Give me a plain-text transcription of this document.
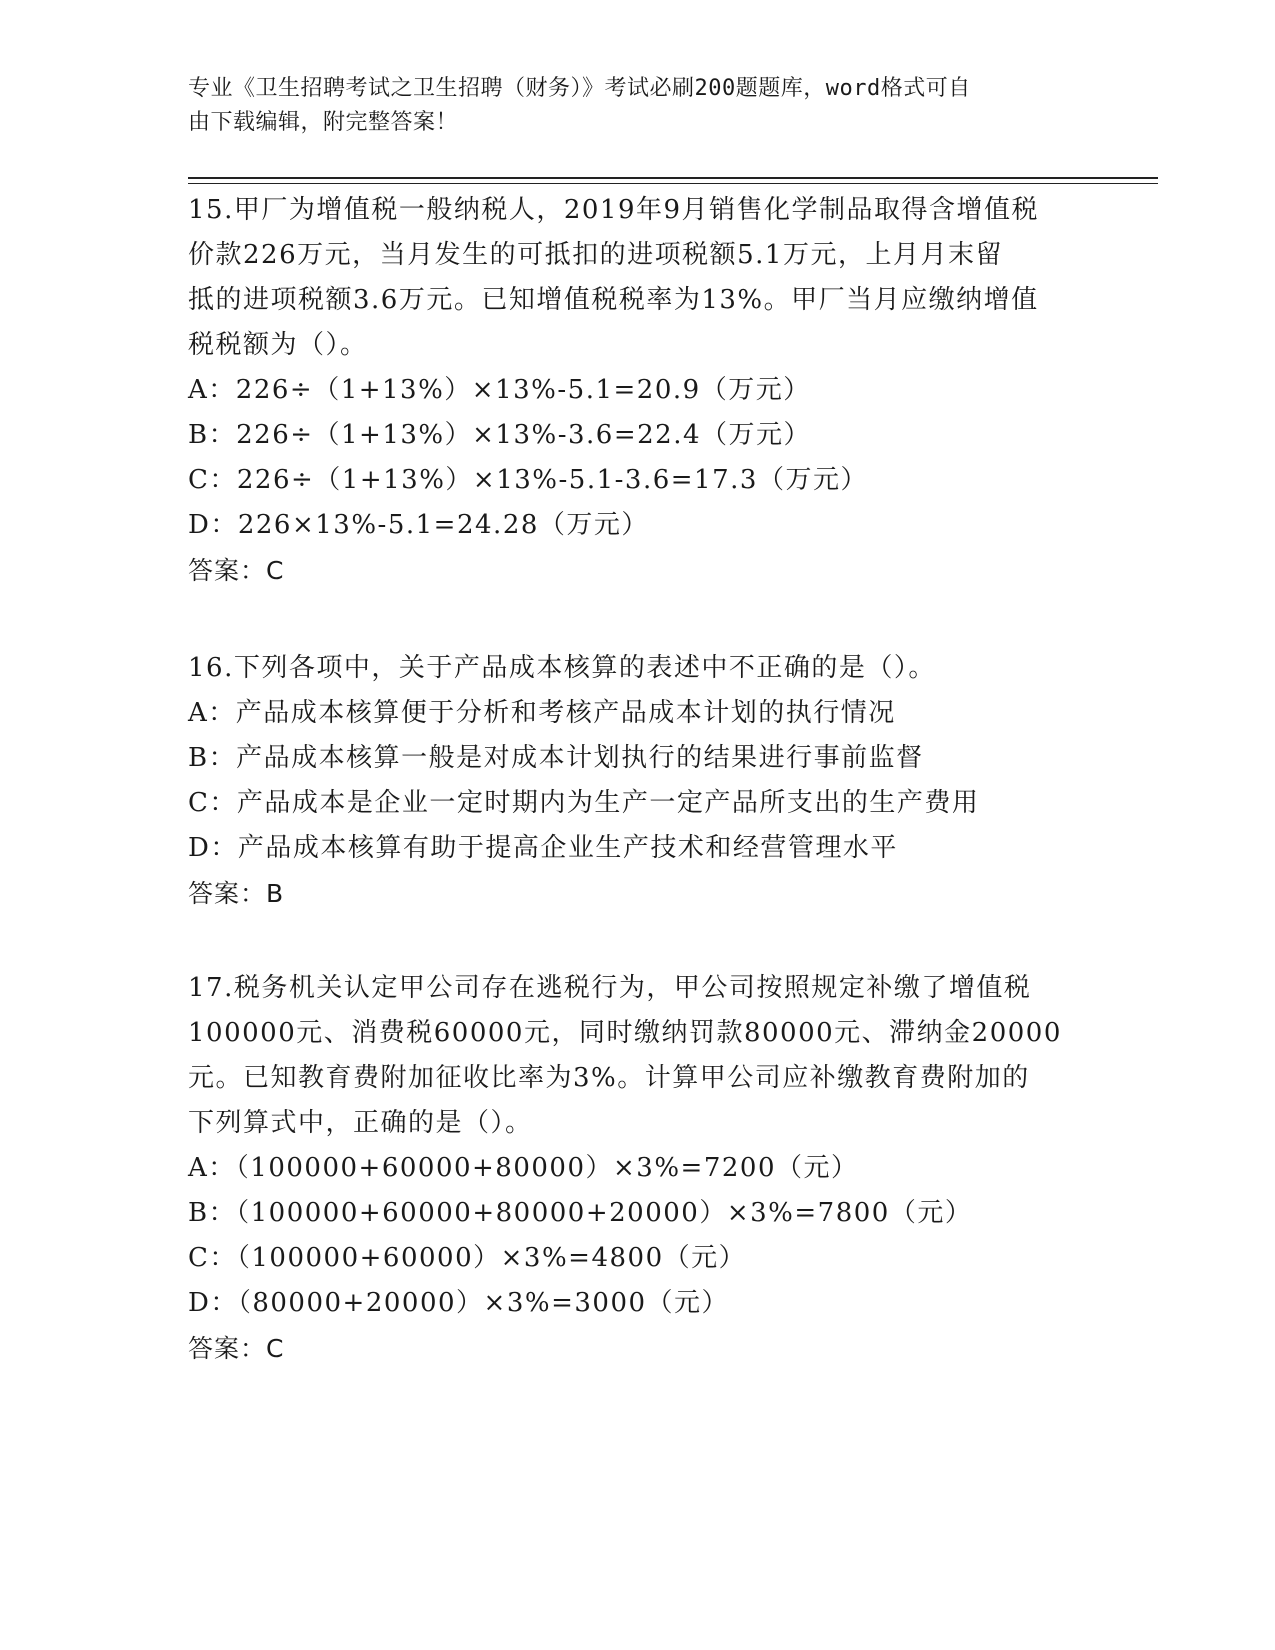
专业《卫生招聘考试之卫生招聘（财务）》考试必刷200题题库，word格式可自
由下载编辑，附完整答案！
15.甲厂为增值税一般纳税人，2019年9月销售化学制品取得含增值税
价款226万元，当月发生的可抵扣的进项税额5.1万元，上月月末留
抵的进项税额3.6万元。已知增值税税率为13%。甲厂当月应缴纳增值
税税额为（）。
A：226÷（1+13%）×13%-5.1=20.9（万元）
B：226÷（1+13%）×13%-3.6=22.4（万元）
C：226÷（1+13%）×13%-5.1-3.6=17.3（万元）
D：226×13%-5.1=24.28（万元）
答案：C
16.下列各项中，关于产品成本核算的表述中不正确的是（）。
A：产品成本核算便于分析和考核产品成本计划的执行情况
B：产品成本核算一般是对成本计划执行的结果进行事前监督
C：产品成本是企业一定时期内为生产一定产品所支出的生产费用
D：产品成本核算有助于提高企业生产技术和经营管理水平
答案：B
17.税务机关认定甲公司存在逃税行为，甲公司按照规定补缴了增值税
100000元、消费税60000元，同时缴纳罚款80000元、滞纳金20000
元。已知教育费附加征收比率为3%。计算甲公司应补缴教育费附加的
下列算式中，正确的是（）。
A：（100000+60000+80000）×3%=7200（元）
B：（100000+60000+80000+20000）×3%=7800（元）
C：（100000+60000）×3%=4800（元）
D：（80000+20000）×3%=3000（元）
答案：C
